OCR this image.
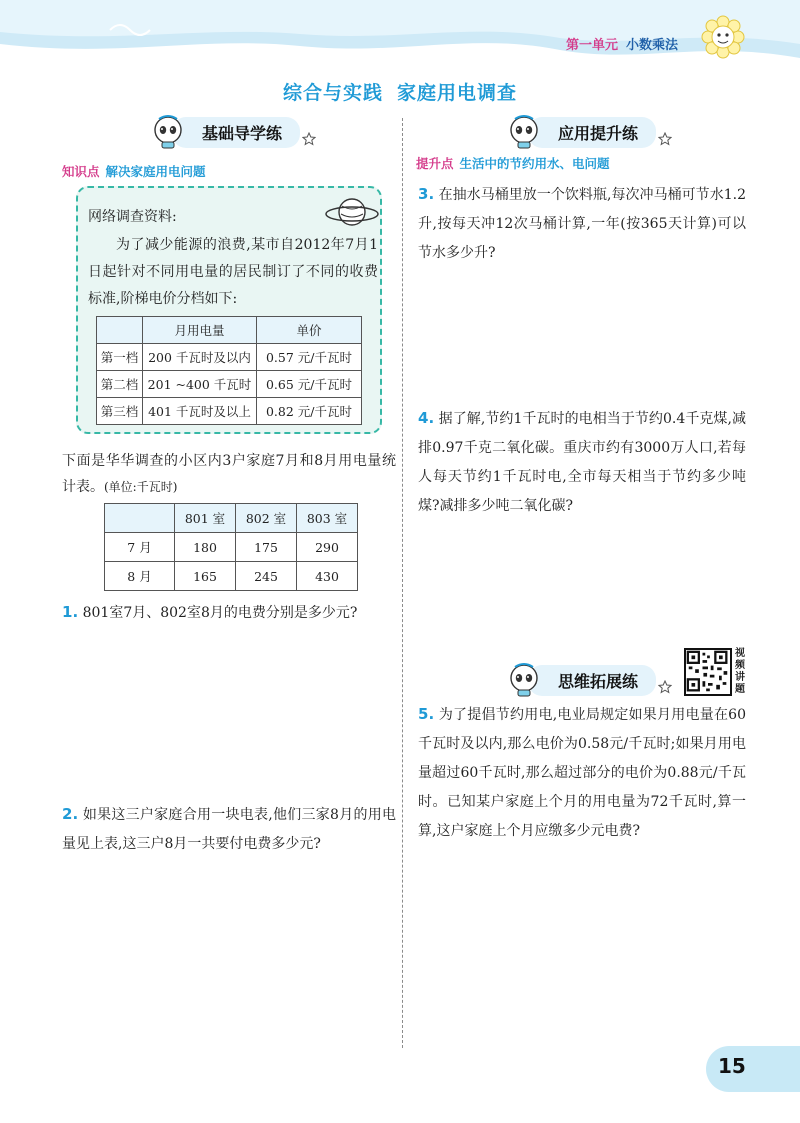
第一单元 小数乘法
综合与实践 家庭用电调查
基础导学练
知识点 解决家庭用电问题
网络调查资料:
为了减少能源的浪费,某市自2012年7月1日起针对不同用电量的居民制订了不同的收费标准,阶梯电价分档如下:
	月用电量	单价
第一档	200 千瓦时及以内	0.57 元/千瓦时
第二档	201 ~400 千瓦时	0.65 元/千瓦时
第三档	401 千瓦时及以上	0.82 元/千瓦时
下面是华华调查的小区内3户家庭7月和8月用电量统计表。(单位:千瓦时)
	801 室	802 室	803 室
7 月	180	175	290
8 月	165	245	430
1. 801室7月、802室8月的电费分别是多少元?
2. 如果这三户家庭合用一块电表,他们三家8月的用电量见上表,这三户8月一共要付电费多少元?
应用提升练
提升点 生活中的节约用水、电问题
3. 在抽水马桶里放一个饮料瓶,每次冲马桶可节水1.2升,按每天冲12次马桶计算,一年(按365天计算)可以节水多少升?
4. 据了解,节约1千瓦时的电相当于节约0.4千克煤,减排0.97千克二氧化碳。重庆市约有3000万人口,若每人每天节约1千瓦时电,全市每天相当于节约多少吨煤?减排多少吨二氧化碳?
思维拓展练
视频讲题
5. 为了提倡节约用电,电业局规定如果月用电量在60千瓦时及以内,那么电价为0.58元/千瓦时;如果月用电量超过60千瓦时,那么超过部分的电价为0.88元/千瓦时。已知某户家庭上个月的用电量为72千瓦时,算一算,这户家庭上个月应缴多少元电费?
15
